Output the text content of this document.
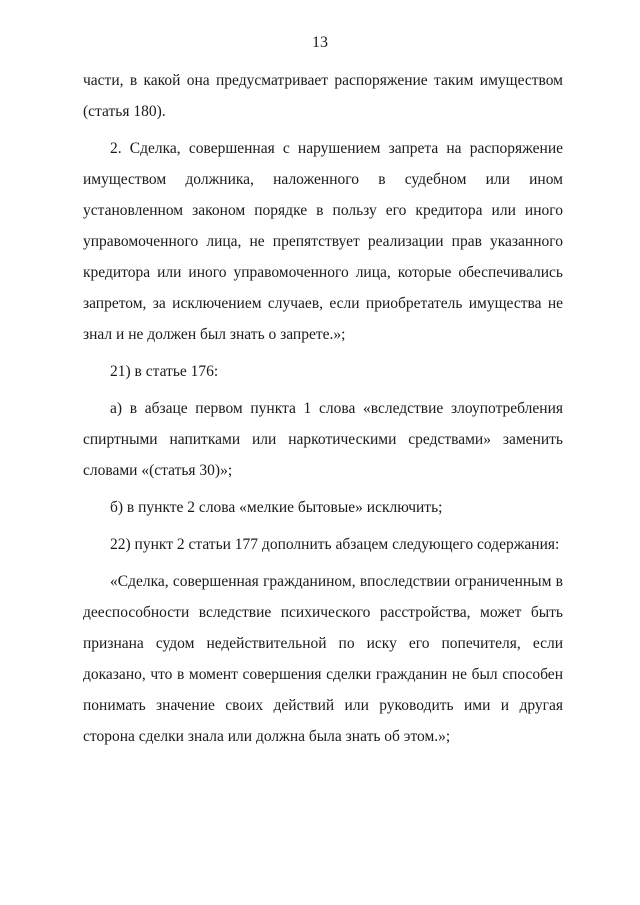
13

части, в какой она предусматривает распоряжение таким имуществом (статья 180).

2. Сделка, совершенная с нарушением запрета на распоряжение имуществом должника, наложенного в судебном или ином установленном законом порядке в пользу его кредитора или иного управомоченного лица, не препятствует реализации прав указанного кредитора или иного управомоченного лица, которые обеспечивались запретом, за исключением случаев, если приобретатель имущества не знал и не должен был знать о запрете.»;

21) в статье 176:

а) в абзаце первом пункта 1 слова «вследствие злоупотребления спиртными напитками или наркотическими средствами» заменить словами «(статья 30)»;

б) в пункте 2 слова «мелкие бытовые» исключить;

22) пункт 2 статьи 177 дополнить абзацем следующего содержания:

«Сделка, совершенная гражданином, впоследствии ограниченным в дееспособности вследствие психического расстройства, может быть признана судом недействительной по иску его попечителя, если доказано, что в момент совершения сделки гражданин не был способен понимать значение своих действий или руководить ими и другая сторона сделки знала или должна была знать об этом.»;
